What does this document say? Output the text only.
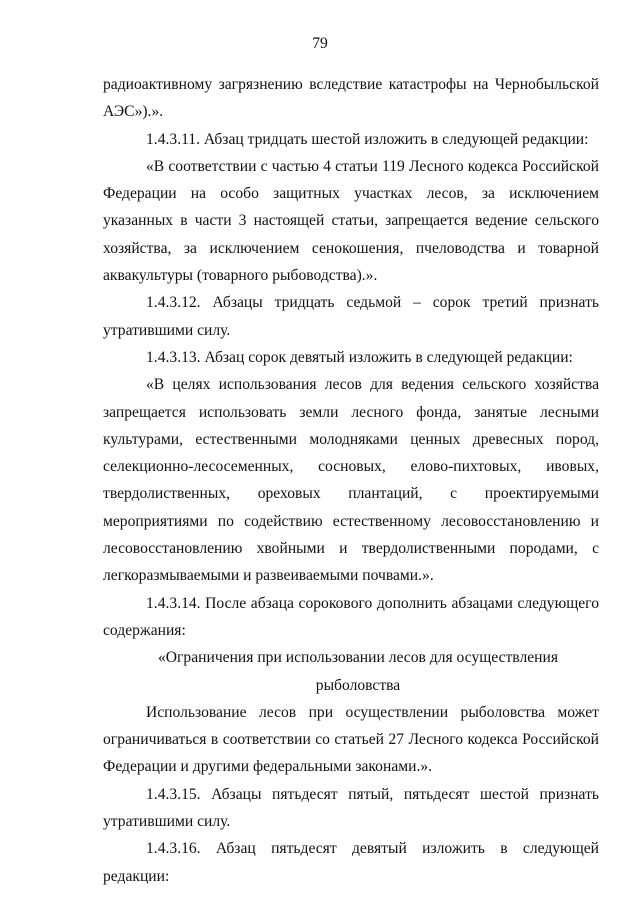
79

радиоактивному загрязнению вследствие катастрофы на Чернобыльской АЭС»).».

1.4.3.11. Абзац тридцать шестой изложить в следующей редакции:

«В соответствии с частью 4 статьи 119 Лесного кодекса Российской Федерации на особо защитных участках лесов, за исключением указанных в части 3 настоящей статьи, запрещается ведение сельского хозяйства, за исключением сенокошения, пчеловодства и товарной аквакультуры (товарного рыбоводства).».

1.4.3.12. Абзацы тридцать седьмой – сорок третий признать утратившими силу.

1.4.3.13. Абзац сорок девятый изложить в следующей редакции:

«В целях использования лесов для ведения сельского хозяйства запрещается использовать земли лесного фонда, занятые лесными культурами, естественными молодняками ценных древесных пород, селекционно-лесосеменных, сосновых, елово-пихтовых, ивовых, твердолиственных, ореховых плантаций, с проектируемыми мероприятиями по содействию естественному лесовосстановлению и лесовосстановлению хвойными и твердолиственными породами, с легкоразмываемыми и развеиваемыми почвами.».

1.4.3.14. После абзаца сорокового дополнить абзацами следующего содержания:

«Ограничения при использовании лесов для осуществления
рыболовства

Использование лесов при осуществлении рыболовства может ограничиваться в соответствии со статьей 27 Лесного кодекса Российской Федерации и другими федеральными законами.».

1.4.3.15. Абзацы пятьдесят пятый, пятьдесят шестой признать утратившими силу.

1.4.3.16. Абзац пятьдесят девятый изложить в следующей редакции:
